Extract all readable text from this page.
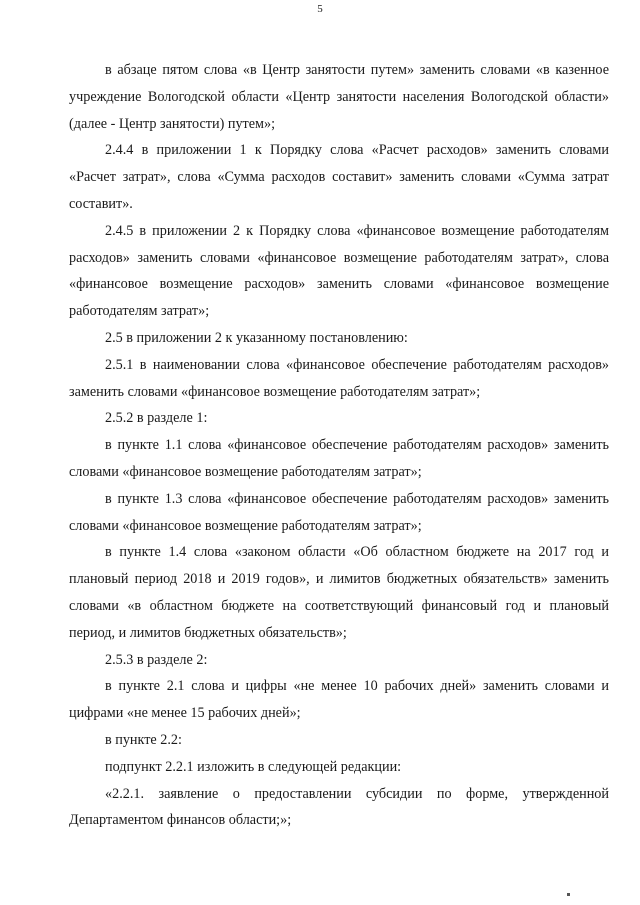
5

в абзаце пятом слова «в Центр занятости путем» заменить словами «в казенное учреждение Вологодской области «Центр занятости населения Вологодской области» (далее - Центр занятости) путем»;

2.4.4 в приложении 1 к Порядку слова «Расчет расходов» заменить словами «Расчет затрат», слова «Сумма расходов составит» заменить словами «Сумма затрат составит».

2.4.5 в приложении 2 к Порядку слова «финансовое возмещение работодателям расходов» заменить словами «финансовое возмещение работодателям затрат», слова «финансовое возмещение расходов» заменить словами «финансовое возмещение работодателям затрат»;

2.5 в приложении 2 к указанному постановлению:

2.5.1 в наименовании слова «финансовое обеспечение работодателям расходов» заменить словами «финансовое возмещение работодателям затрат»;

2.5.2 в разделе 1:

в пункте 1.1 слова «финансовое обеспечение работодателям расходов» заменить словами «финансовое возмещение работодателям затрат»;

в пункте 1.3 слова «финансовое обеспечение работодателям расходов» заменить словами «финансовое возмещение работодателям затрат»;

в пункте 1.4 слова «законом области «Об областном бюджете на 2017 год и плановый период 2018 и 2019 годов», и лимитов бюджетных обязательств» заменить словами «в областном бюджете на соответствующий финансовый год и плановый период, и лимитов бюджетных обязательств»;

2.5.3 в разделе 2:

в пункте 2.1 слова и цифры «не менее 10 рабочих дней» заменить словами и цифрами «не менее 15 рабочих дней»;

в пункте 2.2:

подпункт 2.2.1 изложить в следующей редакции:

«2.2.1. заявление о предоставлении субсидии по форме, утвержденной Департаментом финансов области;»;
